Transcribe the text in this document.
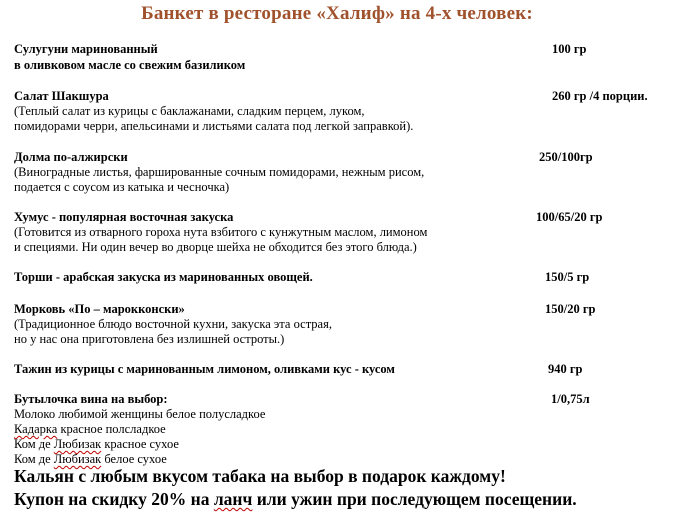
Банкет в ресторане «Халиф» на 4-х человек:
Сулугуни маринованный	100 гр
в оливковом масле со свежим базиликом
Салат Шакшура	260 гр /4 порции.
(Теплый салат из курицы с баклажанами, сладким перцем, луком,
помидорами черри, апельсинами и листьями салата под легкой заправкой).
Долма по-алжирски	250/100гр
(Виноградные листья, фаршированные сочным помидорами, нежным рисом,
подается с соусом из катыка и чесночка)
Хумус - популярная восточная закуска	100/65/20 гр
(Готовится из отварного гороха нута взбитого с кунжутным маслом, лимоном
и специями. Ни один вечер во дворце шейха не обходится без этого блюда.)
Торши - арабская закуска из маринованных овощей.	150/5 гр
Морковь «По – марокконски»	150/20 гр
(Традиционное блюдо восточной кухни, закуска эта острая,
но у нас она приготовлена без излишней остроты.)
Тажин из курицы с маринованным лимоном, оливками кус - кусом	940 гр
Бутылочка вина на выбор:	1/0,75л
Молоко любимой женщины белое полусладкое
Кадарка красное полсладкое
Ком де Любизак красное сухое
Ком де Любизак белое сухое
Кальян с любым вкусом табака на выбор в подарок каждому!
Купон на скидку 20% на ланч или ужин при последующем посещении.
